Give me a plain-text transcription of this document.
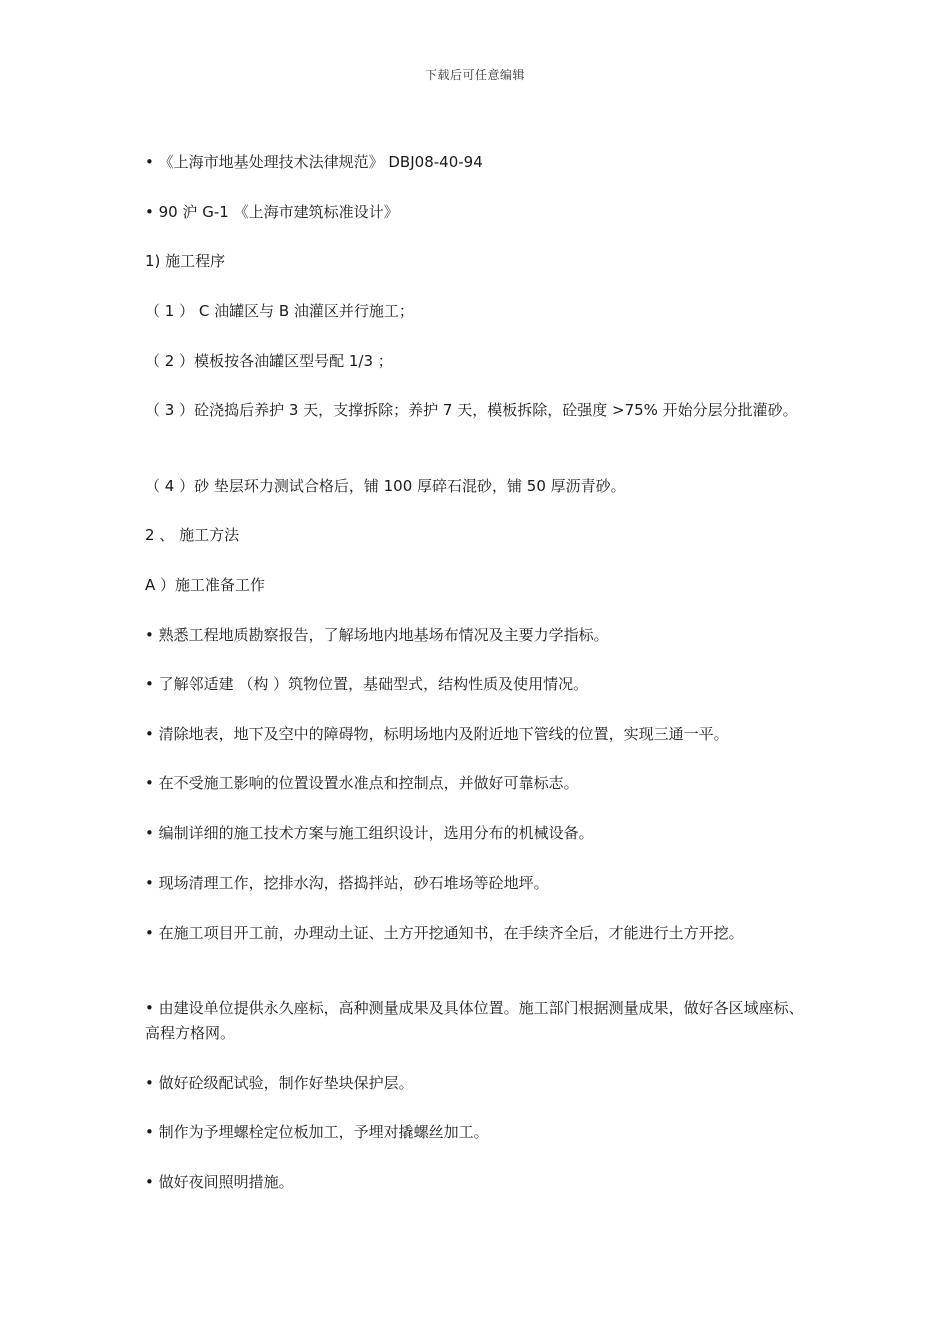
下载后可任意编辑
• 《上海市地基处理技术法律规范》 DBJ08-40-94
• 90 沪 G-1 《上海市建筑标准设计》
1) 施工程序
（ 1 ） C 油罐区与 B 油灌区并行施工；
（ 2 ）模板按各油罐区型号配 1/3 ；
（ 3 ）砼浇捣后养护 3 天，支撑拆除；养护 7 天，模板拆除，砼强度 >75% 开始分层分批灌砂。
（ 4 ）砂 垫层环力测试合格后，铺 100 厚碎石混砂，铺 50 厚沥青砂。
2 、 施工方法
A ）施工准备工作
• 熟悉工程地质勘察报告，了解场地内地基场布情况及主要力学指标。
• 了解邻适建 （构 ）筑物位置，基础型式，结构性质及使用情况。
• 清除地表，地下及空中的障碍物，标明场地内及附近地下管线的位置，实现三通一平。
• 在不受施工影响的位置设置水准点和控制点，并做好可靠标志。
• 编制详细的施工技术方案与施工组织设计，选用分布的机械设备。
• 现场清理工作，挖排水沟，搭捣拌站，砂石堆场等砼地坪。
• 在施工项目开工前，办理动土证、土方开挖通知书，在手续齐全后，才能进行土方开挖。
• 由建设单位提供永久座标，高种测量成果及具体位置。施工部门根据测量成果，做好各区域座标、高程方格网。
• 做好砼级配试验，制作好垫块保护层。
• 制作为予埋螺栓定位板加工，予埋对撬螺丝加工。
• 做好夜间照明措施。
